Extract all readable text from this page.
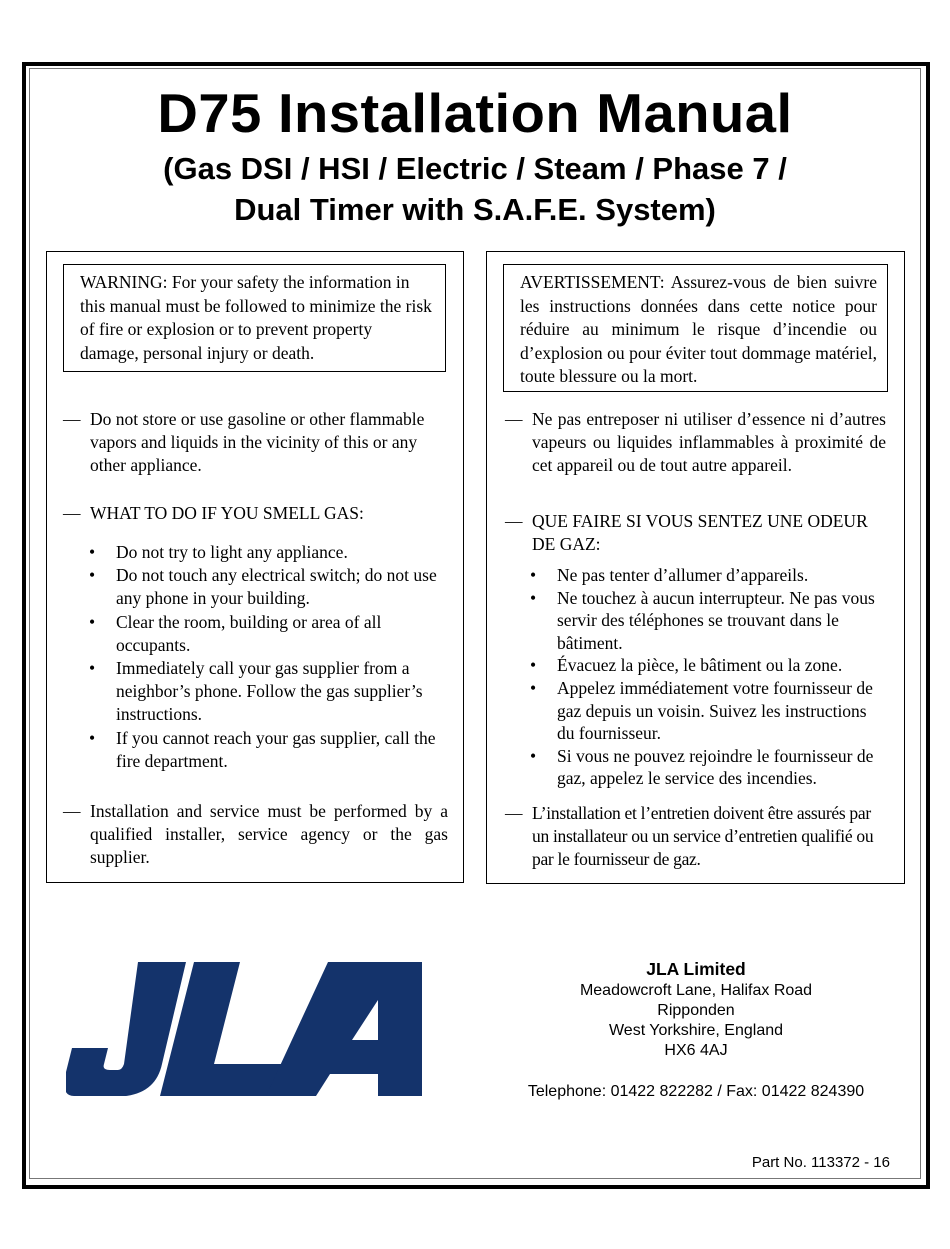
D75 Installation Manual
(Gas DSI / HSI / Electric / Steam / Phase 7 /
Dual Timer with S.A.F.E. System)
WARNING: For your safety the information in this manual must be followed to minimize the risk of fire or explosion or to prevent property damage, personal injury or death.
— Do not store or use gasoline or other flammable vapors and liquids in the vicinity of this or any other appliance.
— WHAT TO DO IF YOU SMELL GAS:
• Do not try to light any appliance.
• Do not touch any electrical switch; do not use any phone in your building.
• Clear the room, building or area of all occupants.
• Immediately call your gas supplier from a neighbor’s phone. Follow the gas supplier’s instructions.
• If you cannot reach your gas supplier, call the fire department.
— Installation and service must be performed by a qualified installer, service agency or the gas supplier.
AVERTISSEMENT: Assurez-vous de bien suivre les instructions données dans cette notice pour réduire au minimum le risque d’incendie ou d’explosion ou pour éviter tout dommage matériel, toute blessure ou la mort.
— Ne pas entreposer ni utiliser d’essence ni d’autres vapeurs ou liquides inflammables à proximité de cet appareil ou de tout autre appareil.
— QUE FAIRE SI VOUS SENTEZ UNE ODEUR DE GAZ:
• Ne pas tenter d’allumer d’appareils.
• Ne touchez à aucun interrupteur. Ne pas vous servir des téléphones se trouvant dans le bâtiment.
• Évacuez la pièce, le bâtiment ou la zone.
• Appelez immédiatement votre fournisseur de gaz depuis un voisin. Suivez les instructions du fournisseur.
• Si vous ne pouvez rejoindre le fournisseur de gaz, appelez le service des incendies.
— L’installation et l’entretien doivent être assurés par un installateur ou un service d’entretien qualifié ou par le fournisseur de gaz.
JLA Limited
Meadowcroft Lane, Halifax Road
Ripponden
West Yorkshire, England
HX6 4AJ
Telephone: 01422 822282 / Fax: 01422 824390
Part No. 113372 - 16
